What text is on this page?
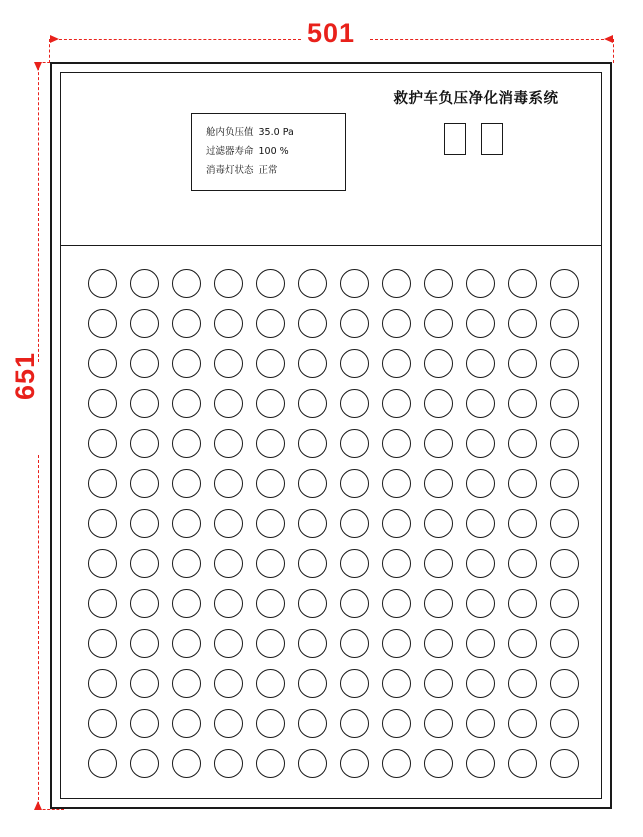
501
651
救护车负压净化消毒系统
舱内负压值 35.0 Pa
过滤器寿命 100 %
消毒灯状态 正常
